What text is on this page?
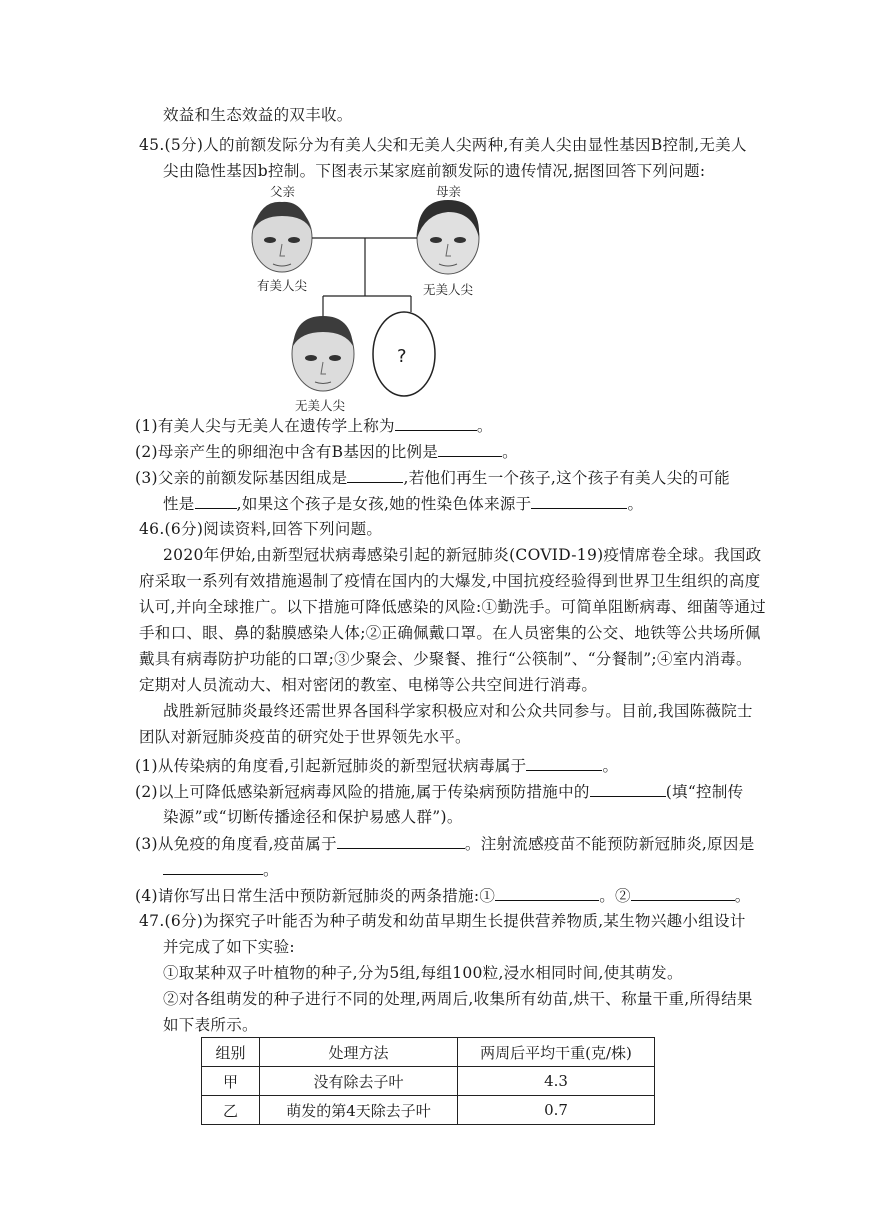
效益和生态效益的双丰收。
45.(5分)人的前额发际分为有美人尖和无美人尖两种,有美人尖由显性基因B控制,无美人
尖由隐性基因b控制。下图表示某家庭前额发际的遗传情况,据图回答下列问题:
父亲	母亲
?
有美人尖	无美人尖
无美人尖
(1)有美人尖与无美人在遗传学上称为	。
(2)母亲产生的卵细泡中含有B基因的比例是	。
(3)父亲的前额发际基因组成是	,若他们再生一个孩子,这个孩子有美人尖的可能
性是	,如果这个孩子是女孩,她的性染色体来源于	。
46.(6分)阅读资料,回答下列问题。
2020年伊始,由新型冠状病毒感染引起的新冠肺炎(COVID-19)疫情席卷全球。我国政
府采取一系列有效措施遏制了疫情在国内的大爆发,中国抗疫经验得到世界卫生组织的高度
认可,并向全球推广。以下措施可降低感染的风险:①勤洗手。可简单阻断病毒、细菌等通过
手和口、眼、鼻的黏膜感染人体;②正确佩戴口罩。在人员密集的公交、地铁等公共场所佩
戴具有病毒防护功能的口罩;③少聚会、少聚餐、推行“公筷制”、“分餐制”;④室内消毒。
定期对人员流动大、相对密闭的教室、电梯等公共空间进行消毒。
战胜新冠肺炎最终还需世界各国科学家积极应对和公众共同参与。目前,我国陈薇院士
团队对新冠肺炎疫苗的研究处于世界领先水平。
(1)从传染病的角度看,引起新冠肺炎的新型冠状病毒属于	。
(2)以上可降低感染新冠病毒风险的措施,属于传染病预防措施中的	(填“控制传
染源”或“切断传播途径和保护易感人群”)。
(3)从免疫的角度看,疫苗属于	。注射流感疫苗不能预防新冠肺炎,原因是
。
(4)请你写出日常生活中预防新冠肺炎的两条措施:①	。②	。
47.(6分)为探究子叶能否为种子萌发和幼苗早期生长提供营养物质,某生物兴趣小组设计
并完成了如下实验:
①取某种双子叶植物的种子,分为5组,每组100粒,浸水相同时间,使其萌发。
②对各组萌发的种子进行不同的处理,两周后,收集所有幼苗,烘干、称量干重,所得结果
如下表所示。
组别	处理方法	两周后平均干重(克/株)
甲	没有除去子叶	4.3
乙	萌发的第4天除去子叶	0.7
